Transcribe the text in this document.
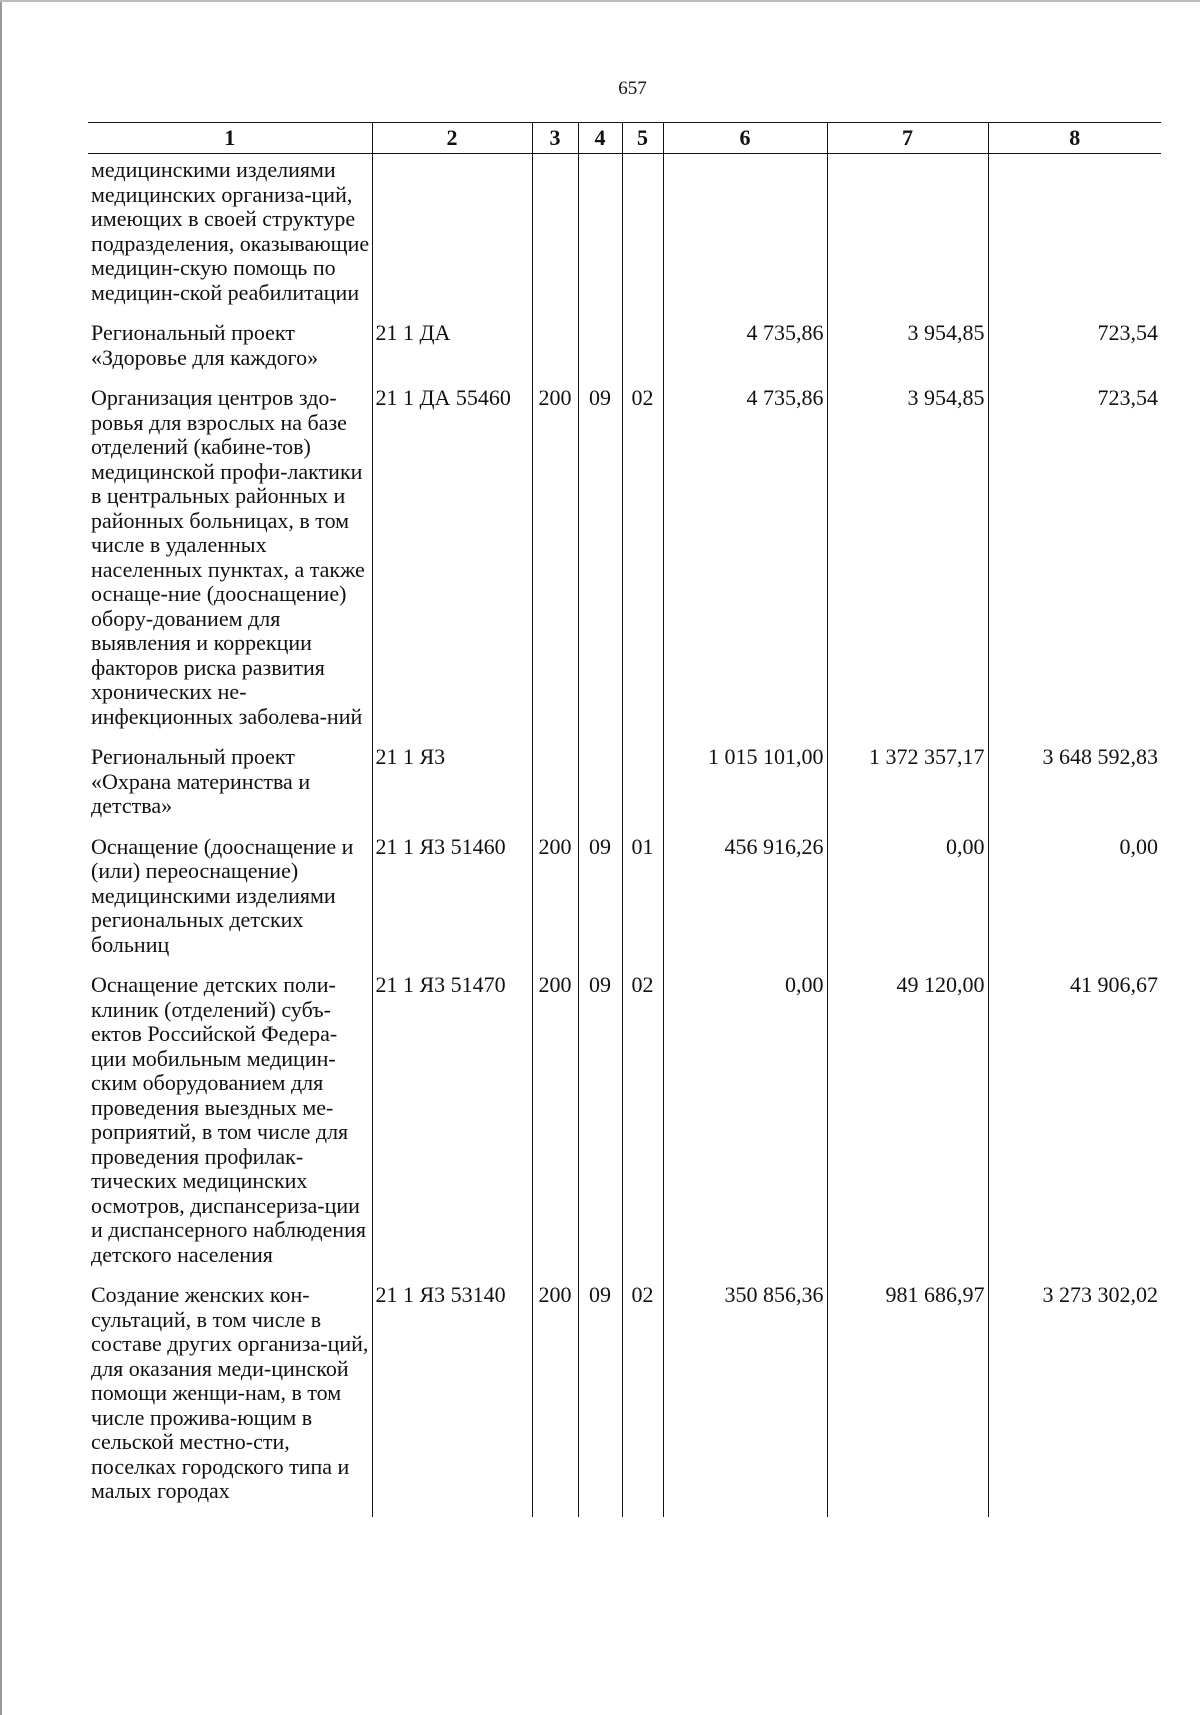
657
1	2	3	4	5	6	7	8
медицинскими изделиями медицинских организа-ций, имеющих в своей структуре подразделения, оказывающие медицин-скую помощь по медицин-ской реабилитации							
Региональный проект «Здоровье для каждого»	21 1 ДА				4 735,86	3 954,85	723,54
Организация центров здо-ровья для взрослых на базе отделений (кабине-тов) медицинской профи-лактики в центральных районных и районных больницах, в том числе в удаленных населенных пунктах, а также оснаще-ние (дооснащение) обору-дованием для выявления и коррекции факторов риска развития хронических не-инфекционных заболева-ний	21 1 ДА 55460	200	09	02	4 735,86	3 954,85	723,54
Региональный проект «Охрана материнства и детства»	21 1 Я3				1 015 101,00	1 372 357,17	3 648 592,83
Оснащение (дооснащение и (или) переоснащение) медицинскими изделиями региональных детских больниц	21 1 Я3 51460	200	09	01	456 916,26	0,00	0,00
Оснащение детских поли-клиник (отделений) субъ-ектов Российской Федера-ции мобильным медицин-ским оборудованием для проведения выездных ме-роприятий, в том числе для проведения профилак-тических медицинских осмотров, диспансериза-ции и диспансерного наблюдения детского населения	21 1 Я3 51470	200	09	02	0,00	49 120,00	41 906,67

Создание женских кон-сультаций, в том числе в составе других организа-ций, для оказания меди-цинской помощи женщи-нам, в том числе прожива-ющим в сельской местно-сти, поселках городского типа и малых городах	21 1 Я3 53140	200	09	02	350 856,36	981 686,97	3 273 302,02
